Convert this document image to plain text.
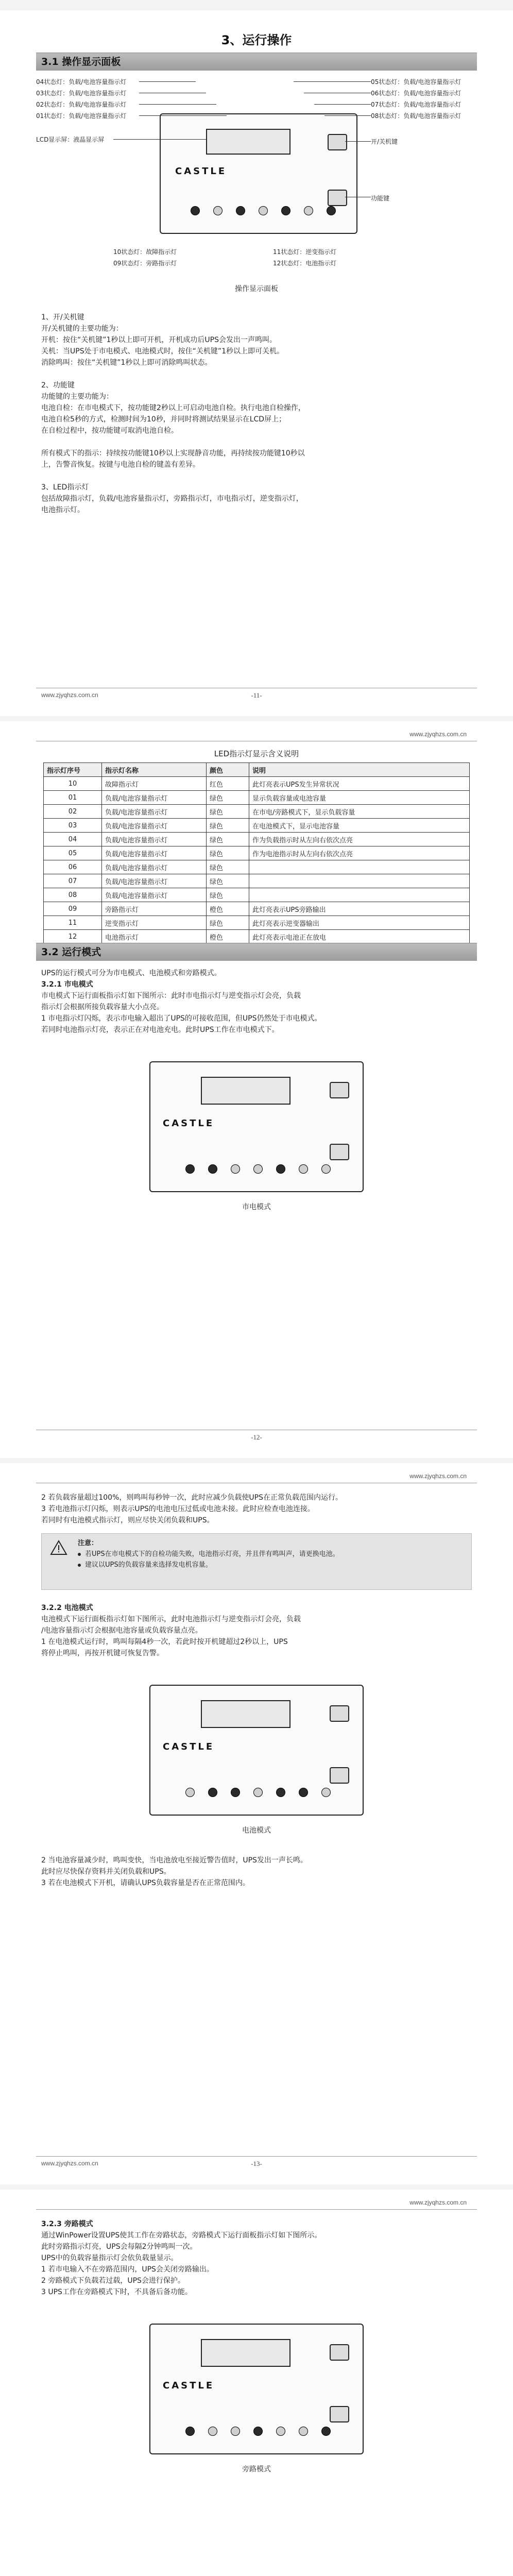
3、运行操作
3.1 操作显示面板
CASTLE
04状态灯：负载/电池容量指示灯
03状态灯：负载/电池容量指示灯
02状态灯：负载/电池容量指示灯
01状态灯：负载/电池容量指示灯
LCD显示屏：液晶显示屏
05状态灯：负载/电池容量指示灯
06状态灯：负载/电池容量指示灯
07状态灯：负载/电池容量指示灯
08状态灯：负载/电池容量指示灯
开/关机键
功能键
10状态灯：故障指示灯
09状态灯：旁路指示灯
11状态灯：逆变指示灯
12状态灯：电池指示灯
操作显示面板

1、开/关机键

开/关机键的主要功能为：

开机：按住“关机键”1秒以上即可开机，开机成功后UPS会发出一声鸣叫。

关机：当UPS处于市电模式、电池模式时，按住“关机键”1秒以上即可关机。

消除鸣叫：按住“关机键”1秒以上即可消除鸣叫状态。

2、功能键

功能键的主要功能为：

电池自检：在市电模式下，按功能键2秒以上可启动电池自检。执行电池自检操作，

电池自检5秒的方式，检测时间为10秒，并同时将测试结果显示在LCD屏上；

在自检过程中，按功能键可取消电池自检。

所有模式下的指示：持续按功能键10秒以上实现静音功能，再持续按功能键10秒以

上，告警音恢复。按键与电池自检的键盖有差异。

3、LED指示灯

包括故障指示灯，负载/电池容量指示灯，旁路指示灯，市电指示灯，逆变指示灯，

电池指示灯。

www.zjyqhzs.com.cn	-11-
www.zjyqhzs.com.cn
LED指示灯显示含义说明
指示灯序号	指示灯名称	颜色	说明
10	故障指示灯	红色	此灯亮表示UPS发生异常状况
01	负载/电池容量指示灯	绿色	显示负载容量或电池容量
02	负载/电池容量指示灯	绿色	在市电/旁路模式下，显示负载容量
03	负载/电池容量指示灯	绿色	在电池模式下，显示电池容量
04	负载/电池容量指示灯	绿色	作为负载指示时从左向右依次点亮
05	负载/电池容量指示灯	绿色	作为电池指示时从左向右依次点亮
06	负载/电池容量指示灯	绿色	
07	负载/电池容量指示灯	绿色	
08	负载/电池容量指示灯	绿色	
09	旁路指示灯	橙色	此灯亮表示UPS旁路输出
11	逆变指示灯	绿色	此灯亮表示逆变器输出
12	电池指示灯	橙色	此灯亮表示电池正在放电
3.2 运行模式

UPS的运行模式可分为市电模式、电池模式和旁路模式。

3.2.1 市电模式

市电模式下运行面板指示灯如下图所示：此时市电指示灯与逆变指示灯会亮，负载

指示灯会根据所接负载容量大小点亮。

1 市电指示灯闪烁，表示市电输入超出了UPS的可接收范围，但UPS仍然处于市电模式。

若同时电池指示灯亮，表示正在对电池充电。此时UPS工作在市电模式下。

CASTLE
市电模式
-12-
www.zjyqhzs.com.cn

2 若负载容量超过100%，则鸣叫每秒钟一次，此时应减少负载使UPS在正常负载范围内运行。

3 若电池指示灯闪烁，则表示UPS的电池电压过低或电池未接。此时应检查电池连接。

若同时有电池模式指示灯，则应尽快关闭负载和UPS。

注意：
若UPS在市电模式下的自检功能失败，电池指示灯亮，并且伴有鸣叫声，请更换电池。
建议以UPS的负载容量来选择发电机容量。

3.2.2 电池模式

电池模式下运行面板指示灯如下图所示，此时电池指示灯与逆变指示灯会亮，负载

/电池容量指示灯会根据电池容量或负载容量点亮。

1 在电池模式运行时，鸣叫每隔4秒一次，若此时按开机键超过2秒以上，UPS

将停止鸣叫，再按开机键可恢复告警。

CASTLE
电池模式

2 当电池容量减少时，鸣叫变快，当电池放电至接近警告值时，UPS发出一声长鸣。

此时应尽快保存资料并关闭负载和UPS。

3 若在电池模式下开机，请确认UPS负载容量是否在正常范围内。

www.zjyqhzs.com.cn	-13-
www.zjyqhzs.com.cn

3.2.3 旁路模式

通过WinPower设置UPS使其工作在旁路状态，旁路模式下运行面板指示灯如下图所示。

此时旁路指示灯亮，UPS会每隔2分钟鸣叫一次。

UPS中的负载容量指示灯会依负载量显示。

1 若市电输入不在旁路范围内，UPS会关闭旁路输出。

2 旁路模式下负载若过载，UPS会进行保护。

3 UPS工作在旁路模式下时，不具备后备功能。

CASTLE
旁路模式
